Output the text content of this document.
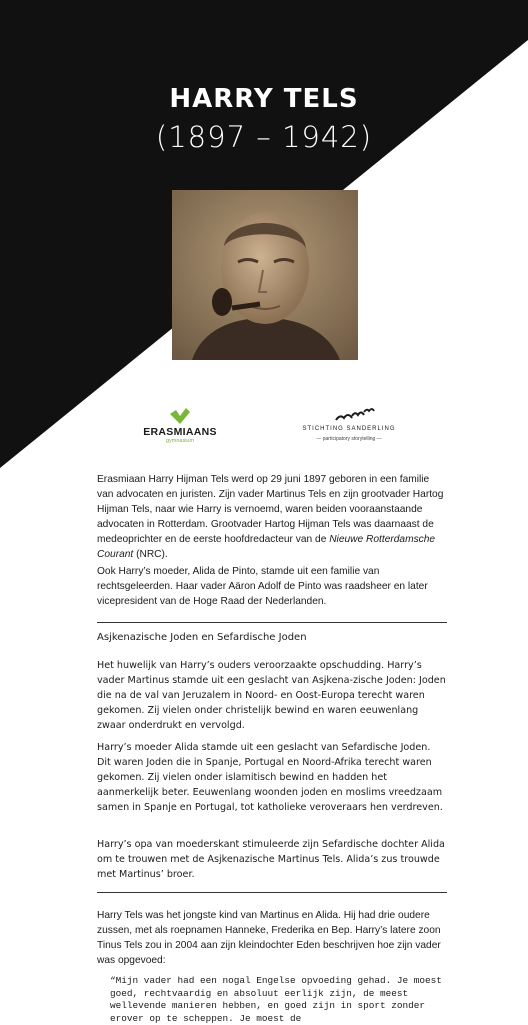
HARRY TELS
(1897 – 1942)
ERASMIAANS
gymnasium
STICHTING SANDERLING
— participatory storytelling —

Erasmiaan Harry Hijman Tels werd op 29 juni 1897 geboren in een familie van advocaten en juristen. Zijn vader Martinus Tels en zijn grootvader Hartog Hijman Tels, naar wie Harry is vernoemd, waren beiden vooraanstaande advocaten in Rotterdam. Grootvader Hartog Hijman Tels was daarnaast de medeoprichter en de eerste hoofdredacteur van de Nieuwe Rotterdamsche Courant (NRC).

Ook Harry’s moeder, Alida de Pinto, stamde uit een familie van rechtsgeleerden. Haar vader Aäron Adolf de Pinto was raadsheer en later vicepresident van de Hoge Raad der Nederlanden.

Asjkenazische Joden en Sefardische Joden

Het huwelijk van Harry’s ouders veroorzaakte opschudding. Harry’s vader Martinus stamde uit een geslacht van Asjkena-zische Joden: Joden die na de val van Jeruzalem in Noord- en Oost-Europa terecht waren gekomen. Zij vielen onder christelijk bewind en waren eeuwenlang zwaar onderdrukt en vervolgd.

Harry’s moeder Alida stamde uit een geslacht van Sefardische Joden. Dit waren Joden die in Spanje, Portugal en Noord-Afrika terecht waren gekomen. Zij vielen onder islamitisch bewind en hadden het aanmerkelijk beter. Eeuwenlang woonden joden en moslims vreedzaam samen in Spanje en Portugal, tot katholieke veroveraars hen verdreven.

Harry’s opa van moederskant stimuleerde zijn Sefardische dochter Alida om te trouwen met de Asjkenazische Martinus Tels. Alida’s zus trouwde met Martinus’ broer.

Harry Tels was het jongste kind van Martinus en Alida. Hij had drie oudere zussen, met als roepnamen Hanneke, Frederika en Bep. Harry’s latere zoon Tinus Tels zou in 2004 aan zijn kleindochter Eden beschrijven hoe zijn vader was opgevoed:

“Mijn vader had een nogal Engelse opvoeding gehad. Je moest goed, rechtvaardig en absoluut eerlijk zijn, de meest wellevende manieren hebben, en goed zijn in sport zonder erover op te scheppen. Je moest de
